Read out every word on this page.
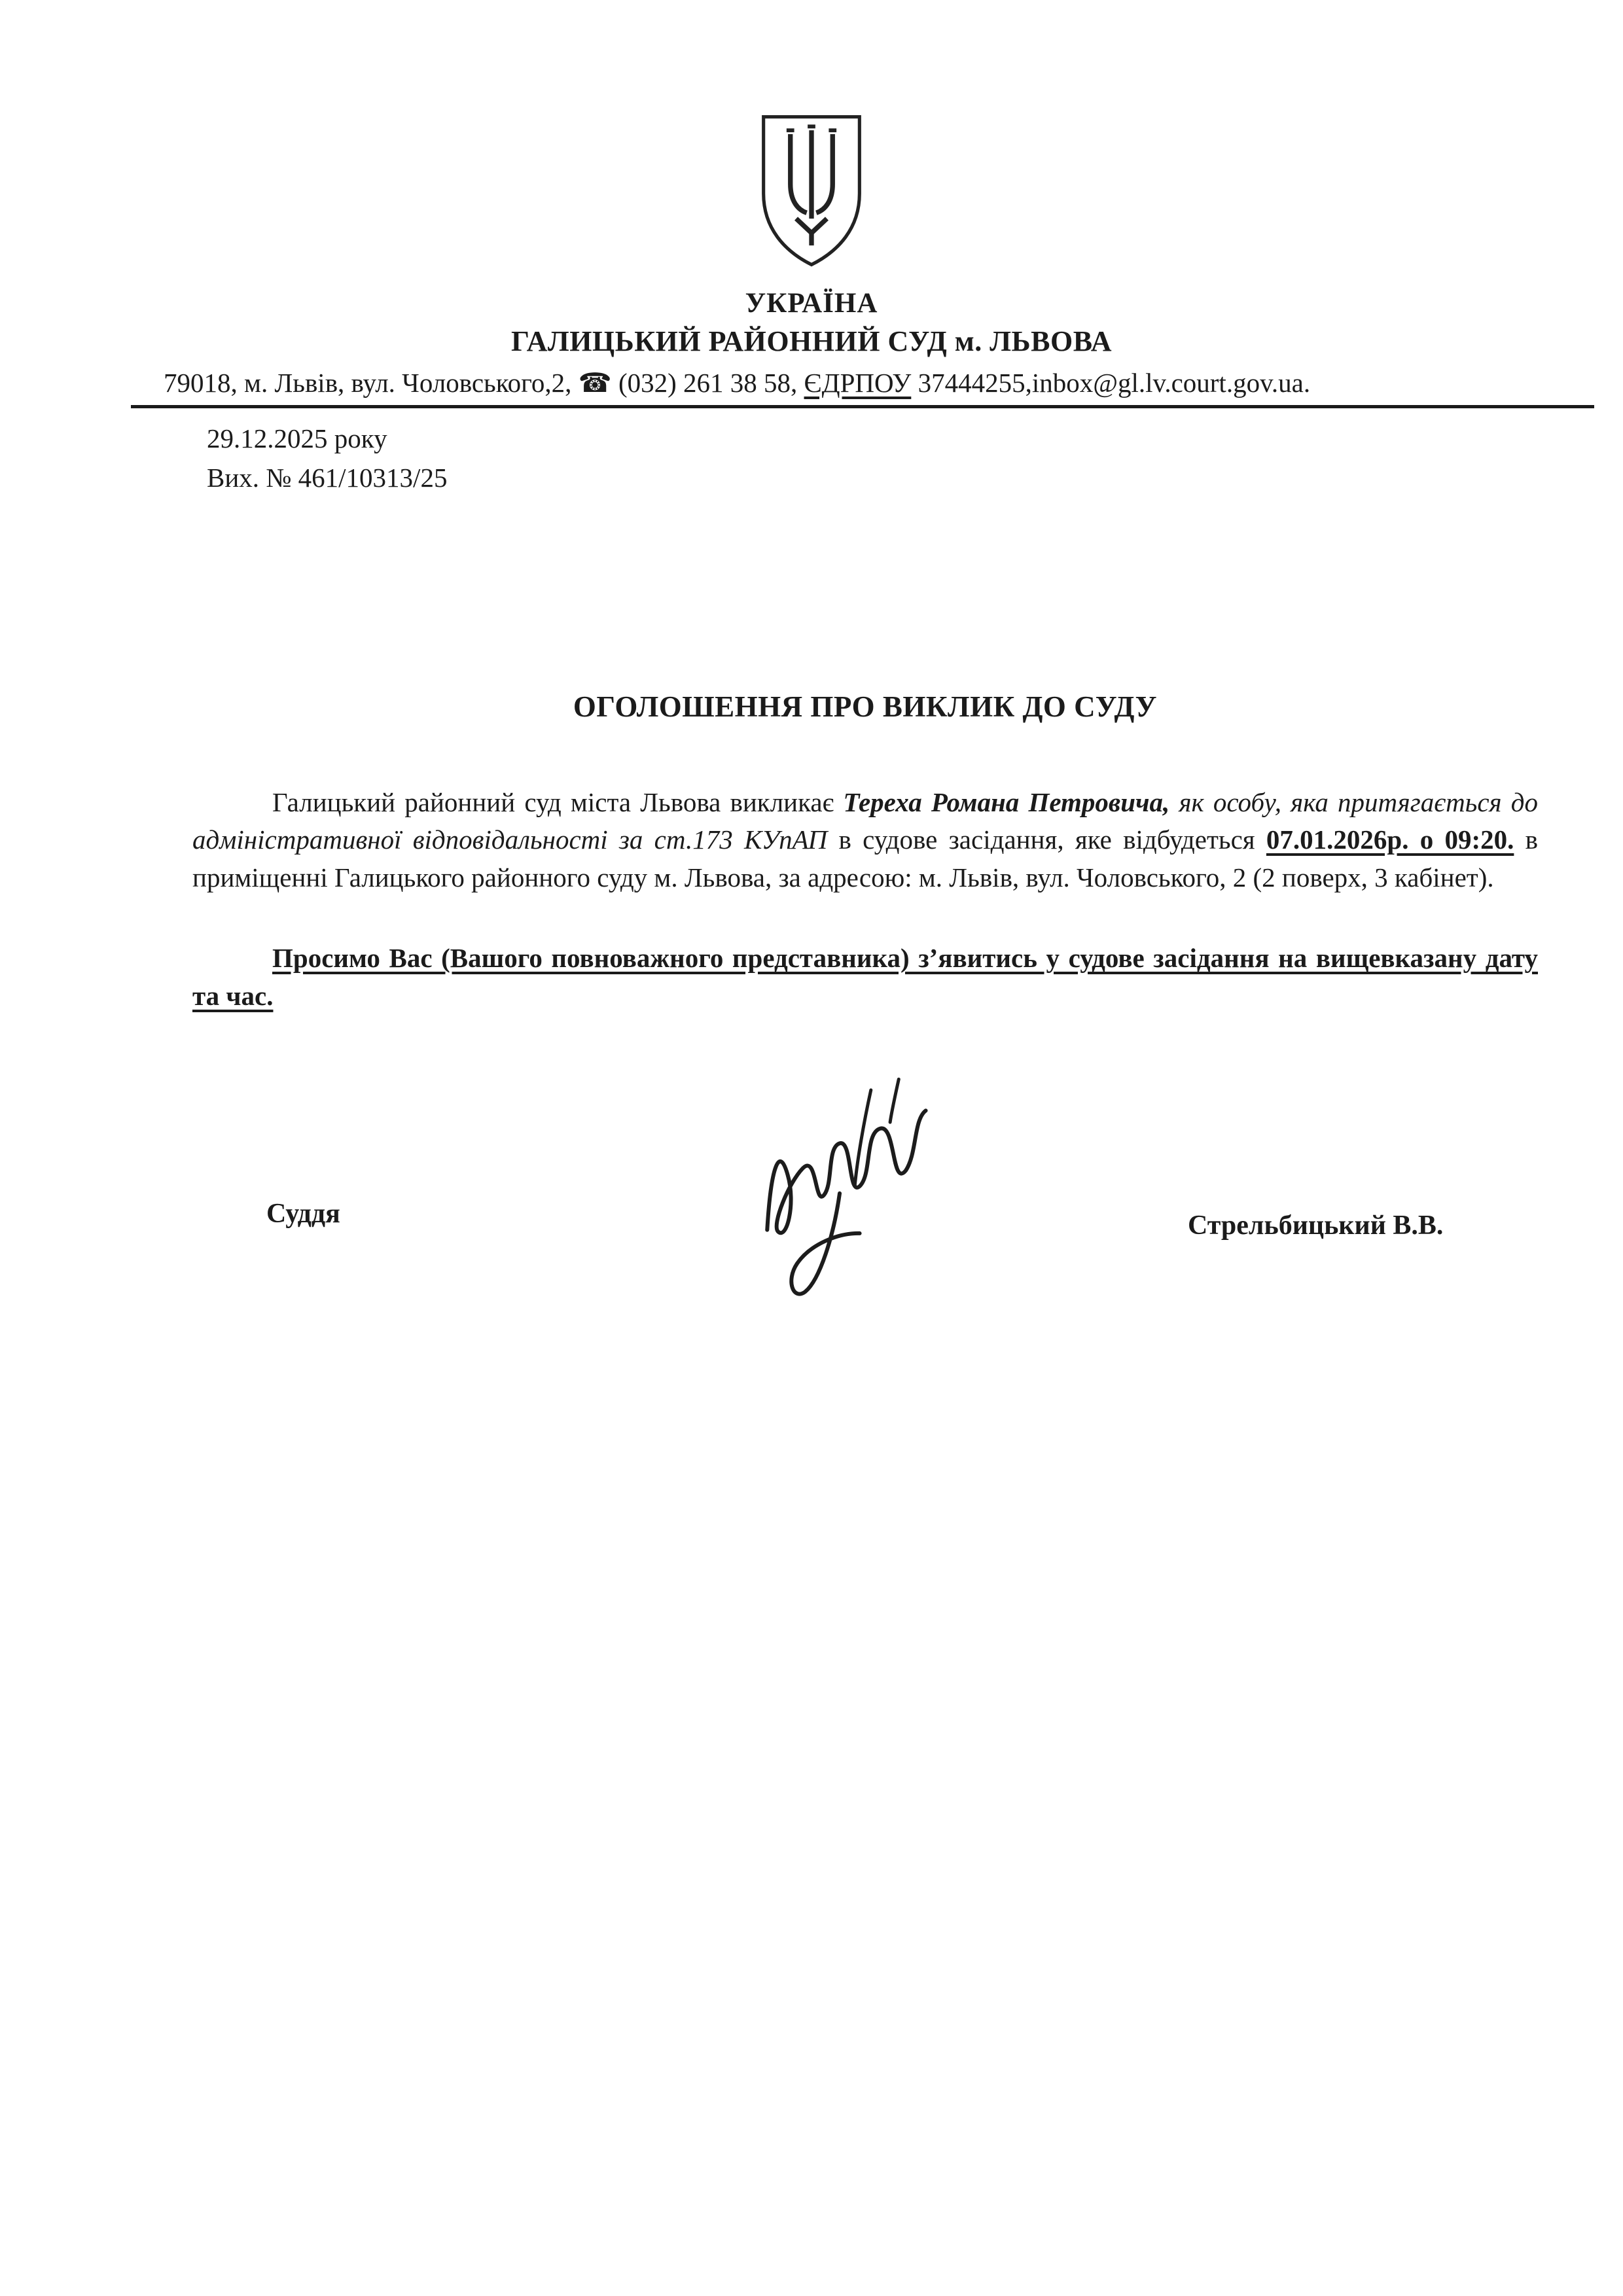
УКРАЇНА
ГАЛИЦЬКИЙ РАЙОННИЙ СУД м. ЛЬВОВА
79018, м. Львів, вул. Чоловського,2, ☎ (032) 261 38 58, ЄДРПОУ 37444255,inbox@gl.lv.court.gov.ua.
29.12.2025 року
Вих. № 461/10313/25
ОГОЛОШЕННЯ ПРО ВИКЛИК ДО СУДУ

Галицький районний суд міста Львова викликає Тереха Романа Петровича, як особу, яка притягається до адміністративної відповідальності за ст.173 КУпАП в судове засідання, яке відбудеться 07.01.2026р. о 09:20. в приміщенні Галицького районного суду м. Львова, за адресою: м. Львів, вул. Чоловського, 2 (2 поверх, 3 кабінет).

Просимо Вас (Вашого повноважного представника) з’явитись у судове засідання на вищевказану дату та час.

Суддя	Стрельбицький В.В.
